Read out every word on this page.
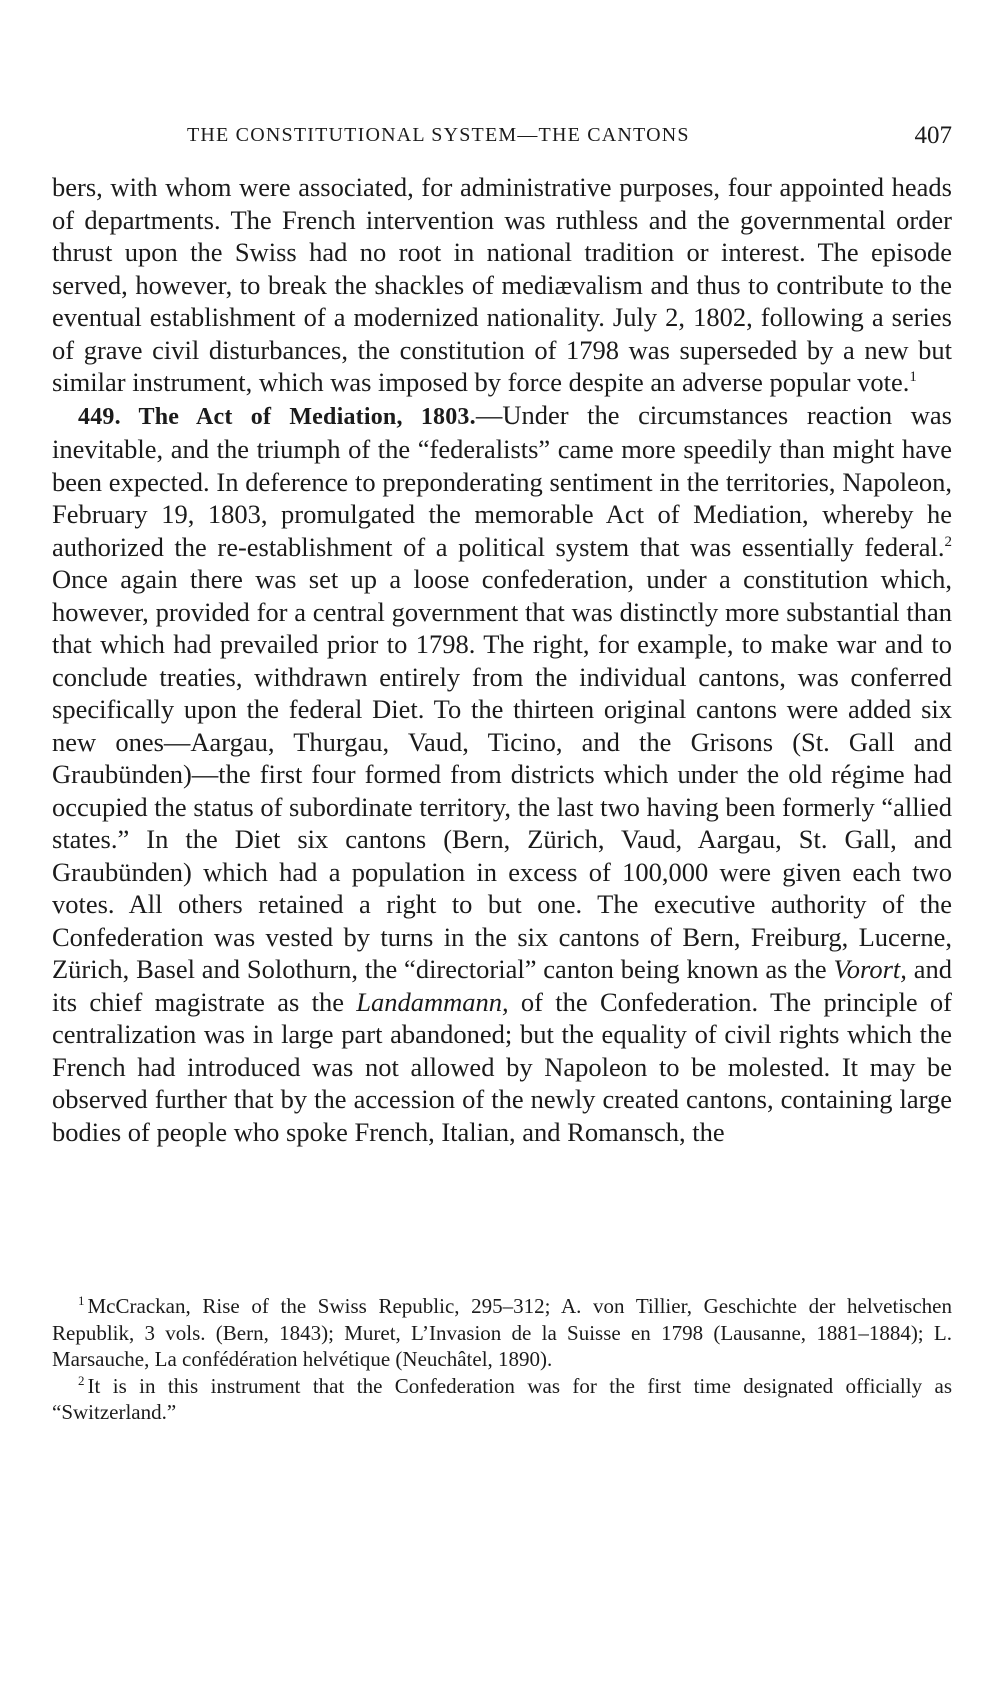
THE CONSTITUTIONAL SYSTEM—THE CANTONS	407

bers, with whom were associated, for administrative purposes, four appointed heads of departments. The French intervention was ruthless and the governmental order thrust upon the Swiss had no root in national tradition or interest. The episode served, however, to break the shackles of mediævalism and thus to contribute to the eventual establishment of a modernized nationality. July 2, 1802, following a series of grave civil disturbances, the constitution of 1798 was superseded by a new but similar instrument, which was imposed by force despite an adverse popular vote.$^1$

449. The Act of Mediation, 1803.—Under the circumstances reaction was inevitable, and the triumph of the “federalists” came more speedily than might have been expected. In deference to preponderating sentiment in the territories, Napoleon, February 19, 1803, promulgated the memorable Act of Mediation, whereby he authorized the re-establishment of a political system that was essentially federal.$^2$ Once again there was set up a loose confederation, under a constitution which, however, provided for a central government that was distinctly more substantial than that which had prevailed prior to 1798. The right, for example, to make war and to conclude treaties, withdrawn entirely from the individual cantons, was conferred specifically upon the federal Diet. To the thirteen original cantons were added six new ones—Aargau, Thurgau, Vaud, Ticino, and the Grisons (St. Gall and Graubünden)—the first four formed from districts which under the old régime had occupied the status of subordinate territory, the last two having been formerly “allied states.” In the Diet six cantons (Bern, Zürich, Vaud, Aargau, St. Gall, and Graubünden) which had a population in excess of 100,000 were given each two votes. All others retained a right to but one. The executive authority of the Confederation was vested by turns in the six cantons of Bern, Freiburg, Lucerne, Zürich, Basel and Solothurn, the “directorial” canton being known as the Vorort, and its chief magistrate as the Landammann, of the Confederation. The principle of centralization was in large part abandoned; but the equality of civil rights which the French had introduced was not allowed by Napoleon to be molested. It may be observed further that by the accession of the newly created cantons, containing large bodies of people who spoke French, Italian, and Romansch, the

$^1$ McCrackan, Rise of the Swiss Republic, 295–312; A. von Tillier, Geschichte der helvetischen Republik, 3 vols. (Bern, 1843); Muret, L’Invasion de la Suisse en 1798 (Lausanne, 1881–1884); L. Marsauche, La confédération helvétique (Neuchâtel, 1890).

$^2$ It is in this instrument that the Confederation was for the first time designated officially as “Switzerland.”
